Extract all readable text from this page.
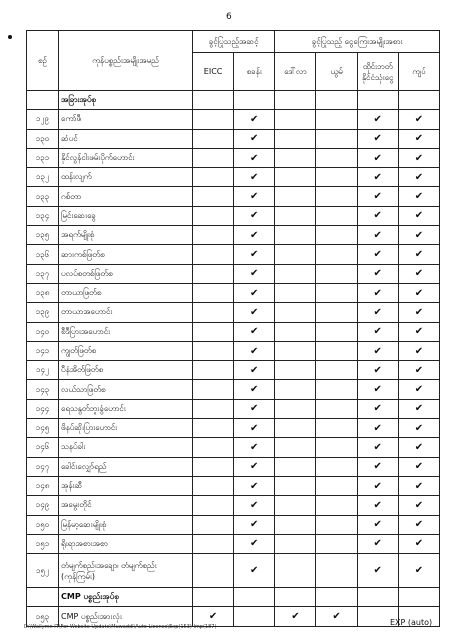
6
စဥ်	ကုန်ပစ္စည်းအမျိုးအမည်	ခွင့်ပြုသည့်အဆင့်		ခွင့်ပြုသည့် ငွေကြေးအမျိုးအစား			
		EICC	စခန်း	ဒေါ်လာ	ယွမ်	ထိုင်းဘတ် နိုင်ငံသုံးငွေ	ကျပ်
	အခြားအုပ်စု						
၁၂၉	ကော်ဖီ		✔			✔	✔
၁၃၀	ဆံပင်		✔			✔	✔
၁၃၁	နိုင်လွန်ငါးဖမ်းပိုက်ဟောင်း		✔			✔	✔
၁၃၂	ထန်းလျက်		✔			✔	✔
၁၃၃	ဂစ်တာ		✔			✔	✔
၁၃၄	မြင်းဆေးခွေ		✔			✔	✔
၁၃၅	အရက်မျိုးစုံ		✔			✔	✔
၁၃၆	ဆားကစ်ဖြတ်စ		✔			✔	✔
၁၃၇	ပလပ်စတစ်ဖြတ်စ		✔			✔	✔
၁၃၈	တာယာဖြတ်စ		✔			✔	✔
၁၃၉	တာယာအဟောင်း		✔			✔	✔
၁၄၀	စီဒီပြားအဟောင်း		✔			✔	✔
၁၄၁	ကျွတ်ဖြတ်စ		✔			✔	✔
၁၄၂	ပီနံအိတ်ဖြတ်စ		✔			✔	✔
၁၄၃	လယ်သာဖြတ်စ		✔			✔	✔
၁၄၄	ရေသနွတ်ဘူးခွံဟောင်း		✔			✔	✔
၁၄၅	ဖိနပ်ဆိုးပြားဟောင်း		✔			✔	✔
၁၄၆	သနပ်ခါး		✔			✔	✔
၁၄၇	ခေါင်းလျှော်ရည်		✔			✔	✔
၁၄၈	အုန်းဆီ		✔			✔	✔
၁၄၉	အမွေးတိုင်		✔			✔	✔
၁၅၀	မြန်မာ့ဆေးမျိုးစုံ		✔			✔	✔
၁၅၁	ရိုးရာအစားအစာ		✔			✔	✔
၁၅၂	တံမျက်စည်းအချော၊ တံမျက်စည်း (ကုန်ကြမ်း)		✔			✔	✔
	CMP ပစ္စည်းအုပ်စု						
၁၅၃	CMP ပစ္စည်းအားလုံး	✔		✔	✔		
D:\Wailymn IT\For Website Update\Muwaddi\Auto Licence\Exp(153) Imp(187)	EXP (auto)
